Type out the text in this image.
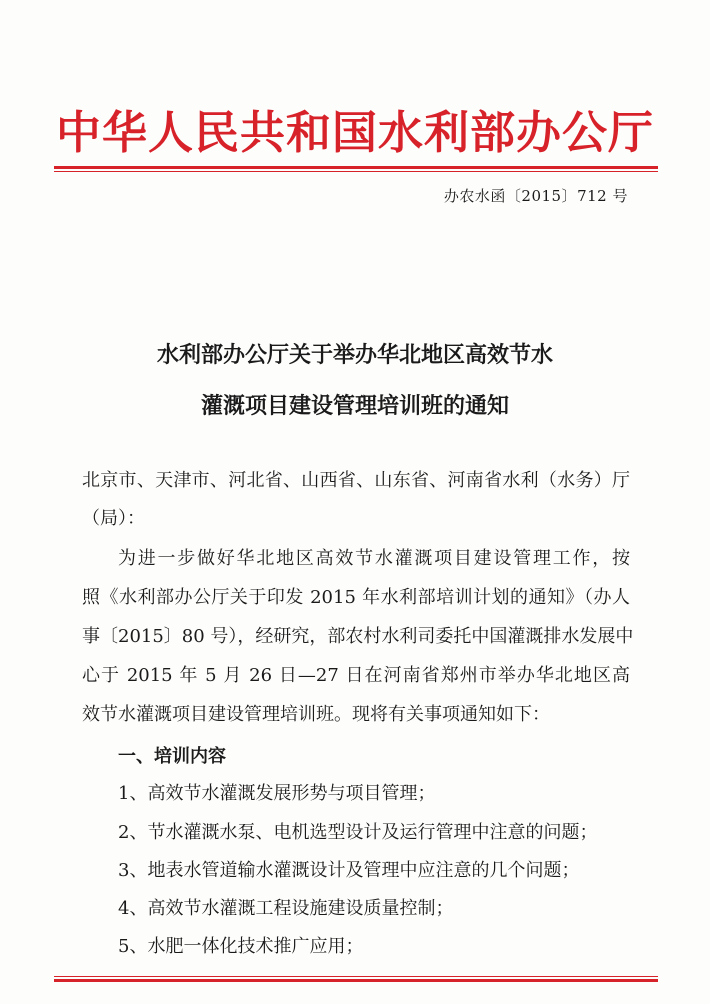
中华人民共和国水利部办公厅
办农水函〔2015〕712 号
水利部办公厅关于举办华北地区高效节水
灌溉项目建设管理培训班的通知
北京市、天津市、河北省、山西省、山东省、河南省水利（水务）厅
（局）：
为进一步做好华北地区高效节水灌溉项目建设管理工作，按
照《水利部办公厅关于印发 2015 年水利部培训计划的通知》（办人
事〔2015〕80 号），经研究，部农村水利司委托中国灌溉排水发展中
心于 2015 年 5 月 26 日—27 日在河南省郑州市举办华北地区高
效节水灌溉项目建设管理培训班。现将有关事项通知如下：
一、培训内容
1、高效节水灌溉发展形势与项目管理；
2、节水灌溉水泵、电机选型设计及运行管理中注意的问题；
3、地表水管道输水灌溉设计及管理中应注意的几个问题；
4、高效节水灌溉工程设施建设质量控制；
5、水肥一体化技术推广应用；
